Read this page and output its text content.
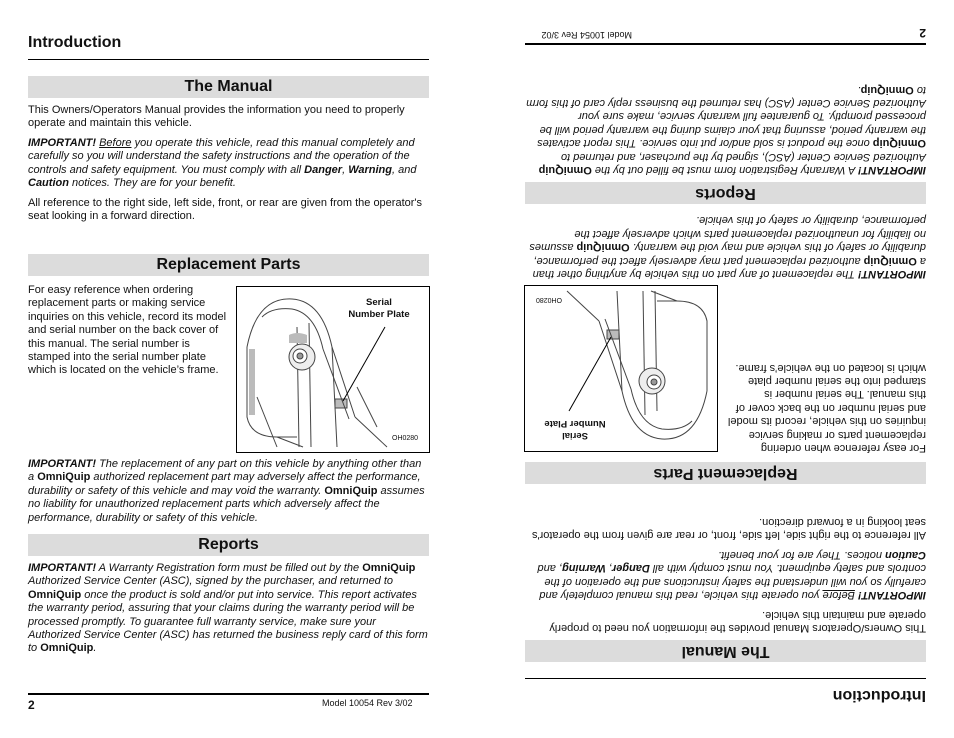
Introduction
The Manual

This Owners/Operators Manual provides the information you need to properly operate and maintain this vehicle.

IMPORTANT! Before you operate this vehicle, read this manual completely and carefully so you will understand the safety instructions and the operation of the controls and safety equipment. You must comply with all Danger, Warning, and Caution notices. They are for your benefit.

All reference to the right side, left side, front, or rear are given from the operator's seat looking in a forward direction.

Replacement Parts

For easy reference when ordering replacement parts or making service inquiries on this vehicle, record its model and serial number on the back cover of this manual. The serial number is stamped into the serial number plate which is located on the vehicle’s frame.

Serial
Number Plate
OH0280

IMPORTANT! The replacement of any part on this vehicle by anything other than a OmniQuip authorized replacement part may adversely affect the performance, durability or safety of this vehicle and may void the warranty. OmniQuip assumes no liability for unauthorized replacement parts which adversely affect the performance, durability or safety of this vehicle.

Reports

IMPORTANT! A Warranty Registration form must be filled out by the OmniQuip Authorized Service Center (ASC), signed by the purchaser, and returned to OmniQuip once the product is sold and/or put into service. This report activates the warranty period, assuring that your claims during the warranty period will be processed promptly. To guarantee full warranty service, make sure your Authorized Service Center (ASC) has returned the business reply card of this form to OmniQuip.

2	Model 10054 Rev 3/02	Introduction
The Manual

This Owners/Operators Manual provides the information you need to properly operate and maintain this vehicle.

IMPORTANT! Before you operate this vehicle, read this manual completely and carefully so you will understand the safety instructions and the operation of the controls and safety equipment. You must comply with all Danger, Warning, and Caution notices. They are for your benefit.

All reference to the right side, left side, front, or rear are given from the operator's seat looking in a forward direction.

Replacement Parts

For easy reference when ordering replacement parts or making service inquiries on this vehicle, record its model and serial number on the back cover of this manual. The serial number is stamped into the serial number plate which is located on the vehicle’s frame.

Serial
Number Plate
OH0280

IMPORTANT! The replacement of any part on this vehicle by anything other than a OmniQuip authorized replacement part may adversely affect the performance, durability or safety of this vehicle and may void the warranty. OmniQuip assumes no liability for unauthorized replacement parts which adversely affect the performance, durability or safety of this vehicle.

Reports

IMPORTANT! A Warranty Registration form must be filled out by the OmniQuip Authorized Service Center (ASC), signed by the purchaser, and returned to OmniQuip once the product is sold and/or put into service. This report activates the warranty period, assuring that your claims during the warranty period will be processed promptly. To guarantee full warranty service, make sure your Authorized Service Center (ASC) has returned the business reply card of this form to OmniQuip.

2
Model 10054 Rev 3/02
